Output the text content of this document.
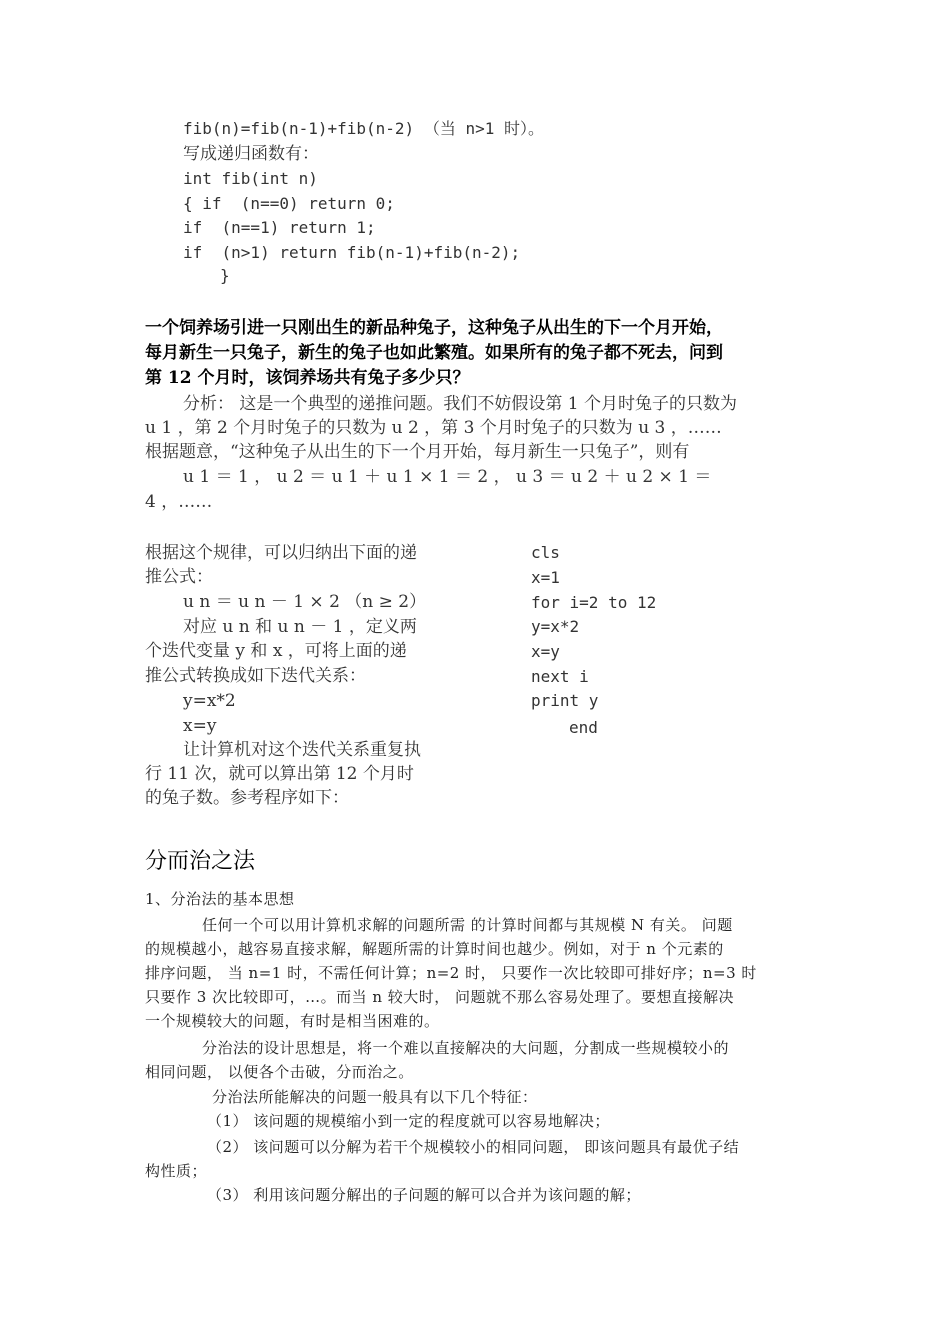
fib(n)=fib(n-1)+fib(n-2) （当 n>1 时）。
写成递归函数有：
int fib(int n)
{ if  (n==0) return 0;
if  (n==1) return 1;
if  (n>1) return fib(n-1)+fib(n-2);
}
一个饲养场引进一只刚出生的新品种兔子，这种兔子从出生的下一个月开始，
每月新生一只兔子，新生的兔子也如此繁殖。如果所有的兔子都不死去，问到
第 12 个月时，该饲养场共有兔子多少只？
分析： 这是一个典型的递推问题。我们不妨假设第 1 个月时兔子的只数为
u 1 ，第 2 个月时兔子的只数为 u 2 ，第 3 个月时兔子的只数为 u 3 ，……
根据题意，“这种兔子从出生的下一个月开始，每月新生一只兔子”，则有
u 1 ＝ 1 ， u 2 ＝ u 1 ＋ u 1 × 1 ＝ 2 ， u 3 ＝ u 2 ＋ u 2 × 1 ＝
4 ，……
根据这个规律，可以归纳出下面的递
推公式：
u n ＝ u n － 1 × 2 （n ≥ 2）
对应 u n 和 u n － 1 ，定义两
个迭代变量 y 和 x ，可将上面的递
推公式转换成如下迭代关系：
y=x*2
x=y
让计算机对这个迭代关系重复执
行 11 次，就可以算出第 12 个月时
的兔子数。参考程序如下：
cls
x=1
for i=2 to 12
y=x*2
x=y
next i
print y
end
分而治之法
1、分治法的基本思想
任何一个可以用计算机求解的问题所需 的计算时间都与其规模 N 有关。 问题
的规模越小，越容易直接求解，解题所需的计算时间也越少。例如，对于 n 个元素的
排序问题， 当 n=1 时，不需任何计算；n=2 时， 只要作一次比较即可排好序；n=3 时
只要作 3 次比较即可，…。而当 n 较大时， 问题就不那么容易处理了。要想直接解决
一个规模较大的问题，有时是相当困难的。
分治法的设计思想是，将一个难以直接解决的大问题，分割成一些规模较小的
相同问题， 以便各个击破，分而治之。
分治法所能解决的问题一般具有以下几个特征：
（1） 该问题的规模缩小到一定的程度就可以容易地解决；
（2） 该问题可以分解为若干个规模较小的相同问题， 即该问题具有最优子结
构性质；
（3） 利用该问题分解出的子问题的解可以合并为该问题的解；
